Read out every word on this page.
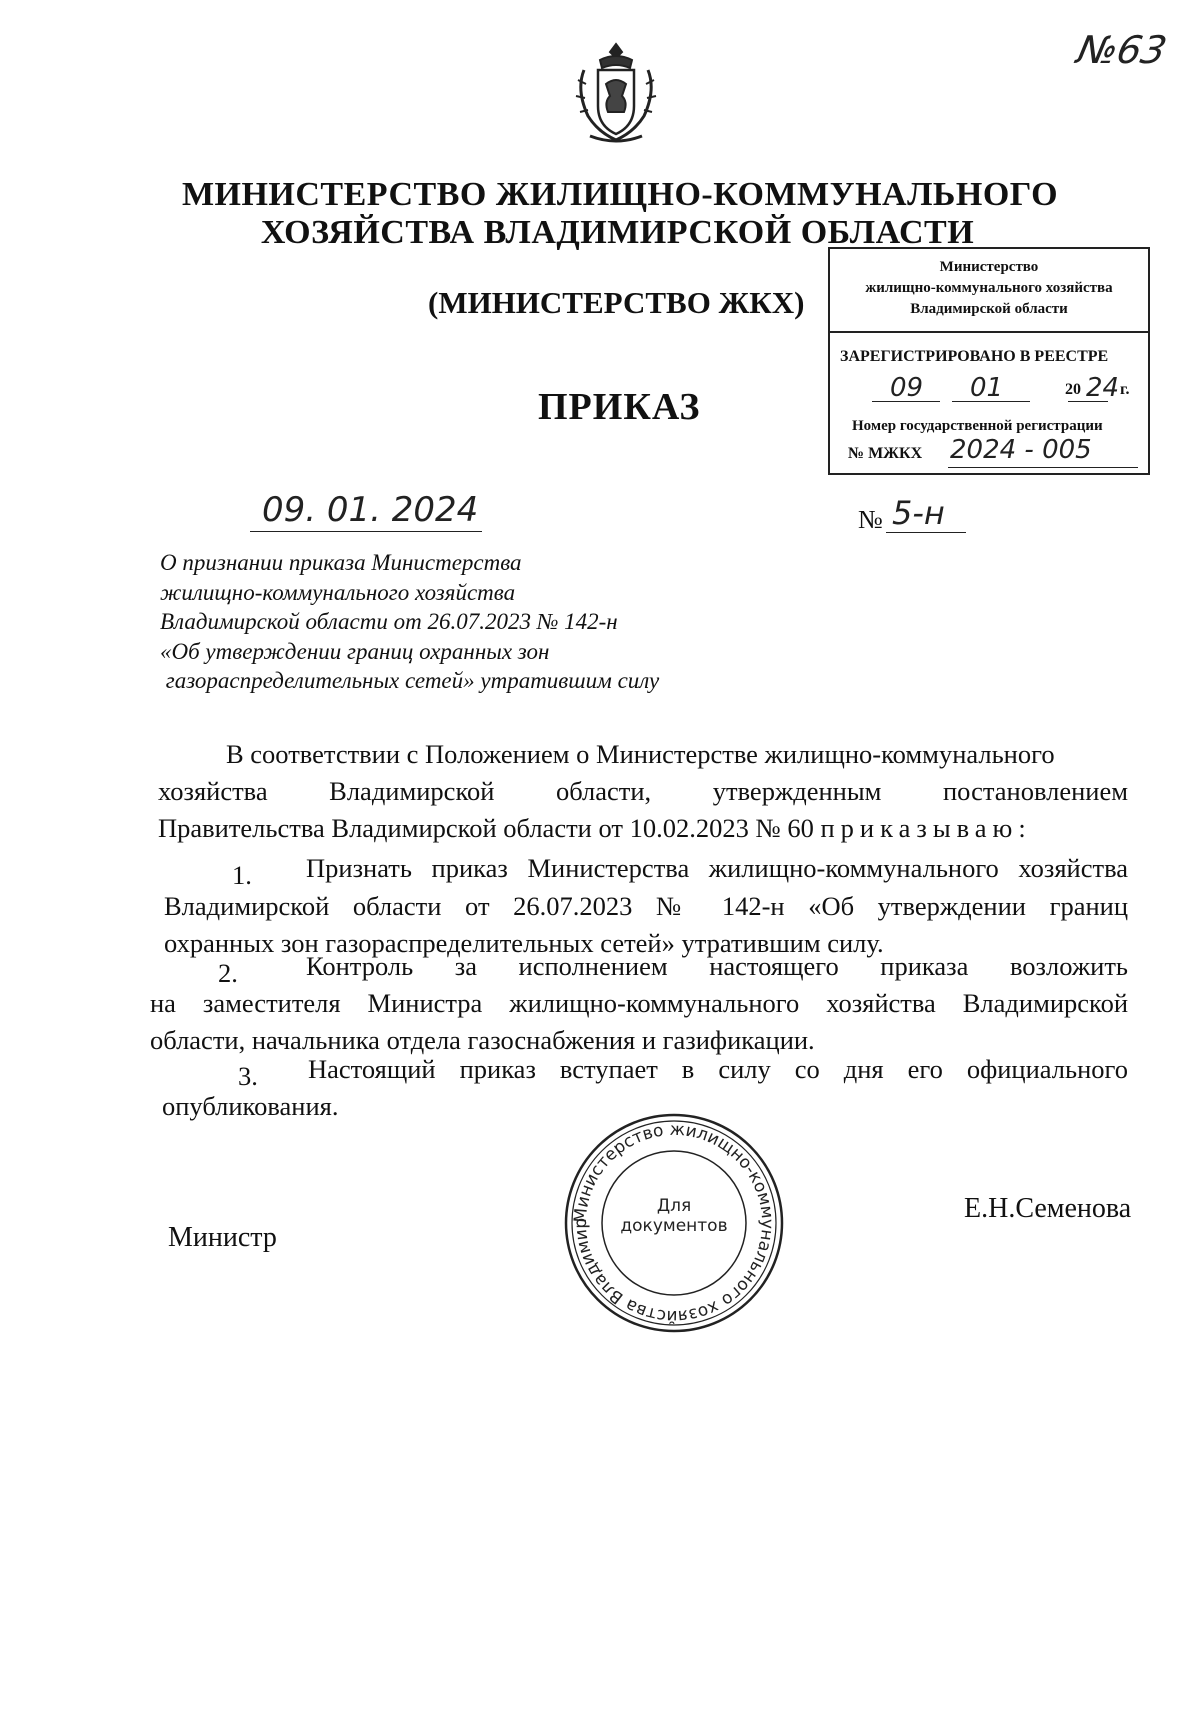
№63
МИНИСТЕРСТВО ЖИЛИЩНО-КОММУНАЛЬНОГО
ХОЗЯЙСТВА ВЛАДИМИРСКОЙ ОБЛАСТИ
(МИНИСТЕРСТВО ЖКХ)
ПРИКАЗ
Министерство
жилищно-коммунального хозяйства
Владимирской области
ЗАРЕГИСТРИРОВАНО В РЕЕСТРЕ
09 01	20 24 г.
Номер государственной регистрации
№ МЖКХ 2024 - 005
09. 01. 2024	№ 5-н
О признании приказа Министерства
жилищно-коммунального хозяйства
Владимирской области от 26.07.2023 № 142-н
«Об утверждении границ охранных зон
газораспределительных сетей» утратившим силу
В соответствии с Положением о Министерстве жилищно-коммунального
хозяйства Владимирской области, утвержденным постановлением
Правительства Владимирской области от 10.02.2023 № 60 приказываю:
1. Признать приказ Министерства жилищно-коммунального хозяйства
Владимирской области от 26.07.2023 № 142-н «Об утверждении границ
охранных зон газораспределительных сетей» утратившим силу.
2.	Контроль за исполнением настоящего приказа возложить
на заместителя Министра жилищно-коммунального хозяйства Владимирской
области, начальника отдела газоснабжения и газификации.
3. Настоящий приказ вступает в силу со дня его официального
опубликования.
Министерство жилищно-коммунального хозяйства Владимир
Для
документов
Министр
Е.Н.Семенова
